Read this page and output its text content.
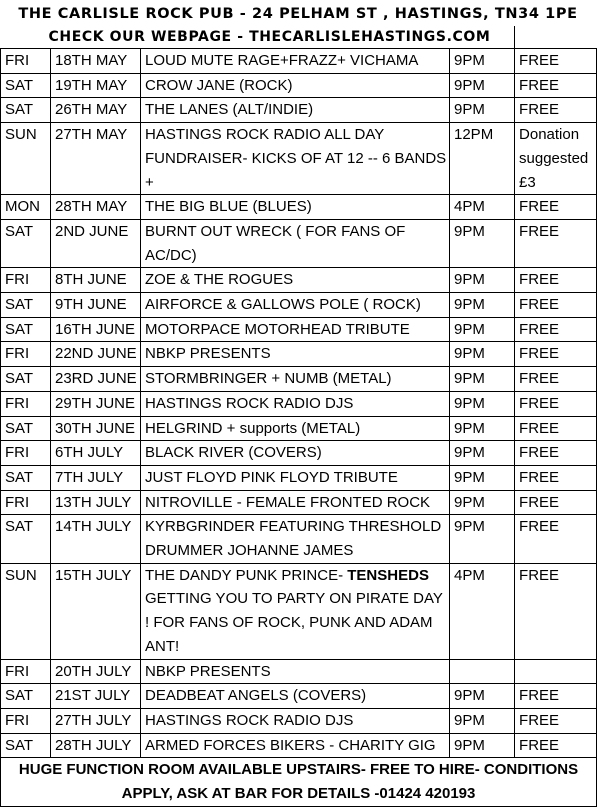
THE CARLISLE ROCK PUB - 24 PELHAM ST , HASTINGS, TN34 1PE
CHECK OUR WEBPAGE - THECARLISLEHASTINGS.COM				
FRI	18TH MAY	LOUD MUTE RAGE+FRAZZ+ VICHAMA	9PM	FREE
SAT	19TH MAY	CROW JANE (ROCK)	9PM	FREE
SAT	26TH MAY	THE LANES (ALT/INDIE)	9PM	FREE
SUN	27TH MAY	HASTINGS ROCK RADIO ALL DAY FUNDRAISER- KICKS OF AT 12 -- 6 BANDS +	12PM	Donation suggested £3
MON	28TH MAY	THE BIG BLUE (BLUES)	4PM	FREE
SAT	2ND JUNE	BURNT OUT WRECK ( FOR FANS OF AC/DC)	9PM	FREE
FRI	8TH JUNE	ZOE & THE ROGUES	9PM	FREE
SAT	9TH JUNE	AIRFORCE & GALLOWS POLE ( ROCK)	9PM	FREE
SAT	16TH JUNE	MOTORPACE MOTORHEAD TRIBUTE	9PM	FREE
FRI	22ND JUNE	NBKP PRESENTS	9PM	FREE
SAT	23RD JUNE	STORMBRINGER + NUMB (METAL)	9PM	FREE
FRI	29TH JUNE	HASTINGS ROCK RADIO DJS	9PM	FREE
SAT	30TH JUNE	HELGRIND + supports (METAL)	9PM	FREE
FRI	6TH JULY	BLACK RIVER (COVERS)	9PM	FREE
SAT	7TH JULY	JUST FLOYD PINK FLOYD TRIBUTE	9PM	FREE
FRI	13TH JULY	NITROVILLE - FEMALE FRONTED ROCK	9PM	FREE
SAT	14TH JULY	KYRBGRINDER FEATURING THRESHOLD DRUMMER JOHANNE JAMES	9PM	FREE
SUN	15TH JULY	THE DANDY PUNK PRINCE- TENSHEDS GETTING YOU TO PARTY ON PIRATE DAY ! FOR FANS OF ROCK, PUNK AND ADAM ANT!	4PM	FREE
FRI	20TH JULY	NBKP PRESENTS		
SAT	21ST JULY	DEADBEAT ANGELS (COVERS)	9PM	FREE
FRI	27TH JULY	HASTINGS ROCK RADIO DJS	9PM	FREE
SAT	28TH JULY	ARMED FORCES BIKERS - CHARITY GIG	9PM	FREE
HUGE FUNCTION ROOM AVAILABLE UPSTAIRS- FREE TO HIRE- CONDITIONS APPLY, ASK AT BAR FOR DETAILS -01424 420193				
